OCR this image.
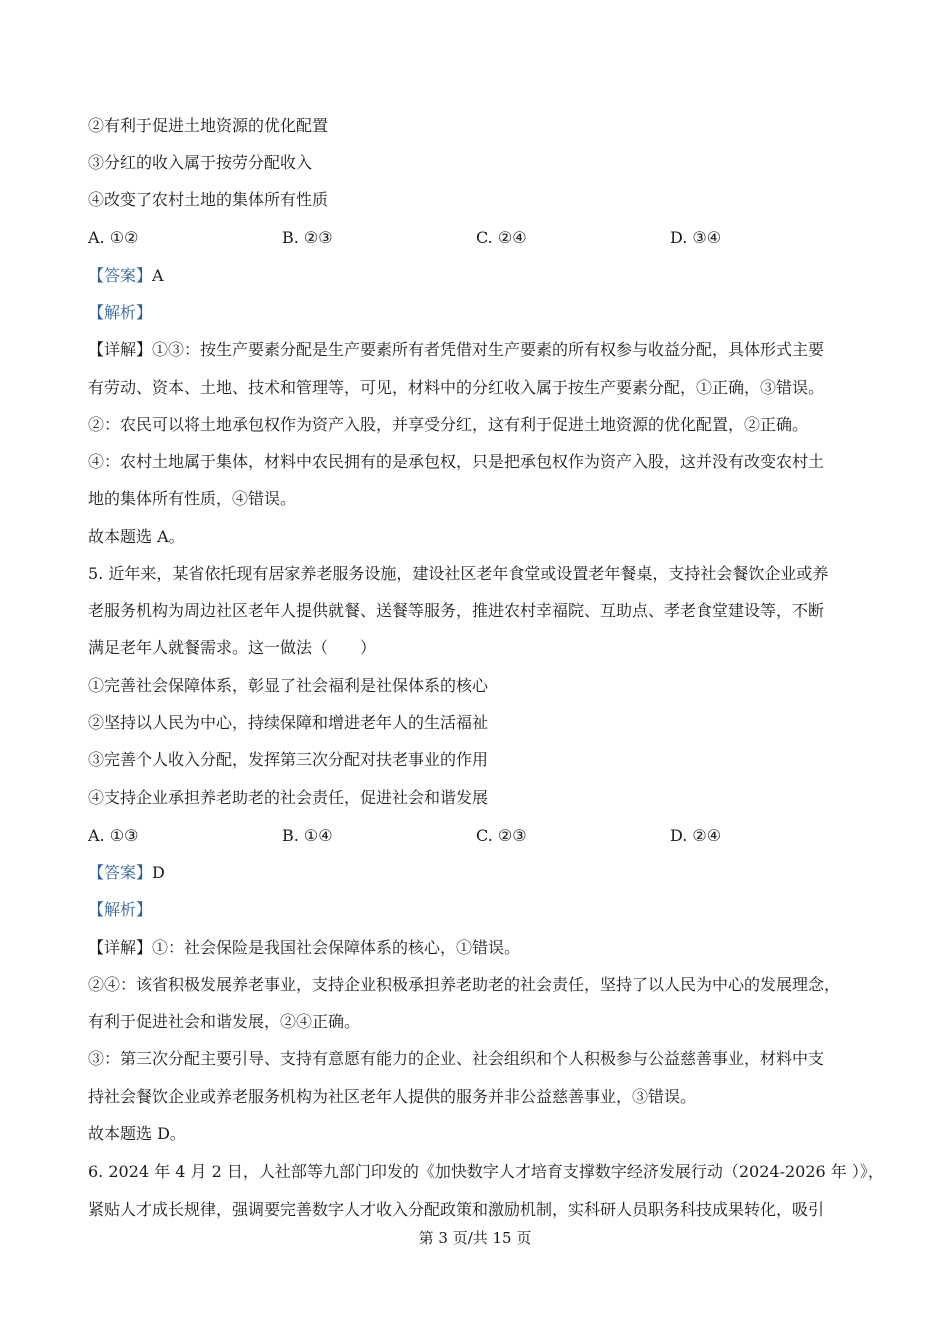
②有利于促进土地资源的优化配置
③分红的收入属于按劳分配收入
④改变了农村土地的集体所有性质
A. ①②	B. ②③	C. ②④	D. ③④
【答案】A
【解析】
【详解】①③：按生产要素分配是生产要素所有者凭借对生产要素的所有权参与收益分配，具体形式主要
有劳动、资本、土地、技术和管理等，可见，材料中的分红收入属于按生产要素分配，①正确，③错误。
②：农民可以将土地承包权作为资产入股，并享受分红，这有利于促进土地资源的优化配置，②正确。
④：农村土地属于集体，材料中农民拥有的是承包权，只是把承包权作为资产入股，这并没有改变农村土
地的集体所有性质，④错误。
故本题选 A。
5. 近年来，某省依托现有居家养老服务设施，建设社区老年食堂或设置老年餐桌，支持社会餐饮企业或养
老服务机构为周边社区老年人提供就餐、送餐等服务，推进农村幸福院、互助点、孝老食堂建设等，不断
满足老年人就餐需求。这一做法（　　）
①完善社会保障体系，彰显了社会福利是社保体系的核心
②坚持以人民为中心，持续保障和增进老年人的生活福祉
③完善个人收入分配，发挥第三次分配对扶老事业的作用
④支持企业承担养老助老的社会责任，促进社会和谐发展
A. ①③	B. ①④	C. ②③	D. ②④
【答案】D
【解析】
【详解】①：社会保险是我国社会保障体系的核心，①错误。
②④：该省积极发展养老事业，支持企业积极承担养老助老的社会责任，坚持了以人民为中心的发展理念，
有利于促进社会和谐发展，②④正确。
③：第三次分配主要引导、支持有意愿有能力的企业、社会组织和个人积极参与公益慈善事业，材料中支
持社会餐饮企业或养老服务机构为社区老年人提供的服务并非公益慈善事业，③错误。
故本题选 D。
6. 2024 年 4 月 2 日，人社部等九部门印发的《加快数字人才培育支撑数字经济发展行动（2024-2026 年 ）》，
紧贴人才成长规律，强调要完善数字人才收入分配政策和激励机制，实科研人员职务科技成果转化，吸引
第 3 页/共 15 页
